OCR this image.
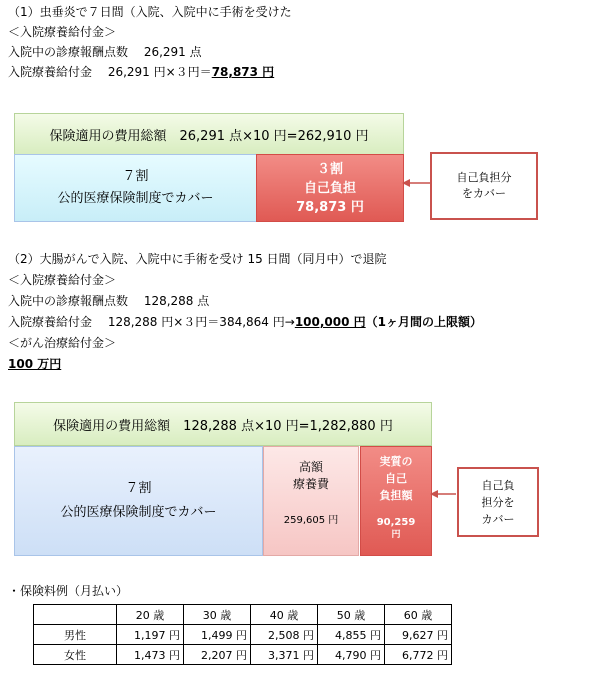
（1）虫垂炎で７日間（入院、入院中に手術を受けた
＜入院療養給付金＞
入院中の診療報酬点数　 26,291 点
入院療養給付金　 26,291 円×３円＝78,873 円
保険適用の費用総額　26,291 点×10 円=262,910 円
７割
公的医療保険制度でカバー
３割
自己負担
78,873 円
自己負担分
をカバー
（2）大腸がんで入院、入院中に手術を受け 15 日間（同月中）で退院
＜入院療養給付金＞
入院中の診療報酬点数　 128,288 点
入院療養給付金　 128,288 円×３円＝384,864 円→100,000 円（1ヶ月間の上限額）
＜がん治療給付金＞
100 万円
保険適用の費用総額　128,288 点×10 円=1,282,880 円
７割
公的医療保険制度でカバー
高額
療養費
259,605 円
実質の
自己
負担額
90,259
円
自己負
担分を
カバー
・保険料例（月払い）
	20 歳	30 歳	40 歳	50 歳	60 歳
男性	1,197 円	1,499 円	2,508 円	4,855 円	9,627 円
女性	1,473 円	2,207 円	3,371 円	4,790 円	6,772 円
